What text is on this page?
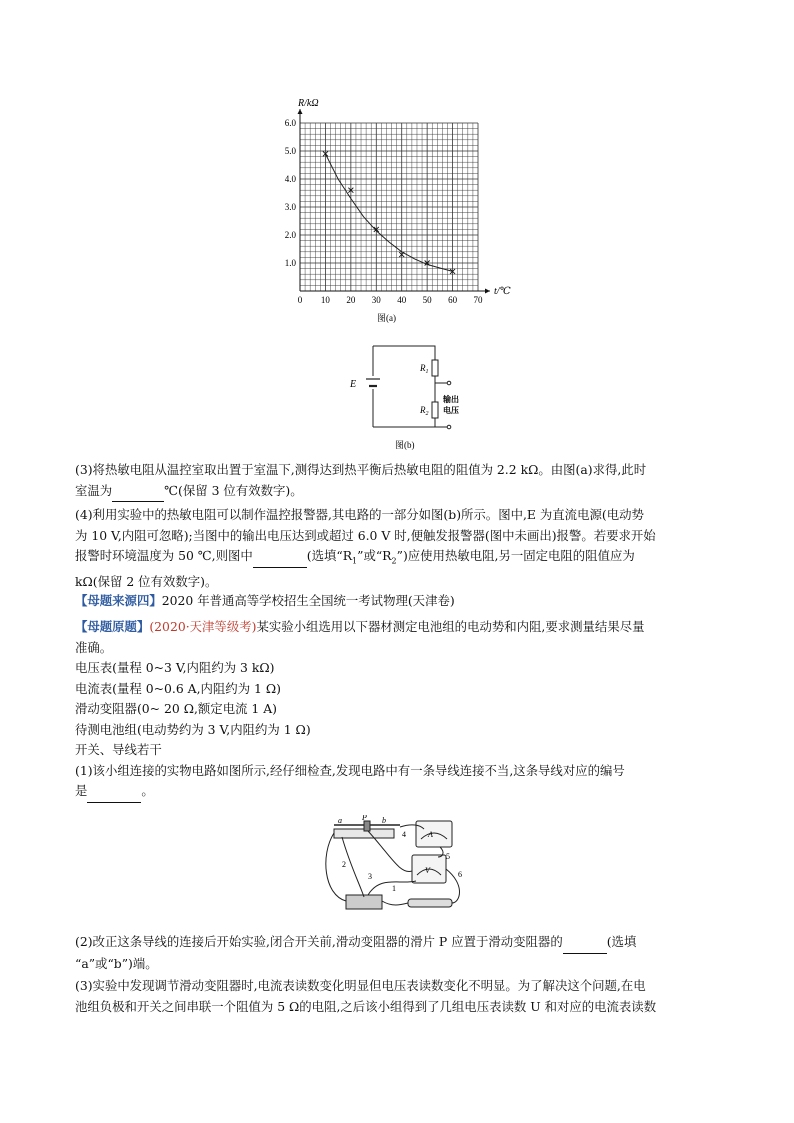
0 10 20 30 40 50 60 70
1.0
2.0
3.0
4.0
5.0
6.0
R/kΩ
t/℃
图(a)
E
$R_1$
$R_2$
输出
电压
图(b)
(3)将热敏电阻从温控室取出置于室温下,测得达到热平衡后热敏电阻的阻值为 2.2 kΩ。由图(a)求得,此时
室温为	℃(保留 3 位有效数字)。
(4)利用实验中的热敏电阻可以制作温控报警器,其电路的一部分如图(b)所示。图中,E 为直流电源(电动势
为 10 V,内阻可忽略);当图中的输出电压达到或超过 6.0 V 时,便触发报警器(图中未画出)报警。若要求开始
报警时环境温度为 50 ℃,则图中	(选填“$R_1$”或“$R_2$”)应使用热敏电阻,另一固定电阻的阻值应为
kΩ(保留 2 位有效数字)。
【母题来源四】2020 年普通高等学校招生全国统一考试物理(天津卷)
【母题原题】(2020·天津等级考)某实验小组选用以下器材测定电池组的电动势和内阻,要求测量结果尽量
准确。
电压表(量程 0~3 V,内阻约为 3 kΩ)
电流表(量程 0~0.6 A,内阻约为 1 Ω)
滑动变阻器(0~ 20 Ω,额定电流 1 A)
待测电池组(电动势约为 3 V,内阻约为 1 Ω)
开关、导线若干
(1)该小组连接的实物电路如图所示,经仔细检查,发现电路中有一条导线连接不当,这条导线对应的编号
是	。
a	P b
A
V
1
2
3
4
5
6
(2)改正这条导线的连接后开始实验,闭合开关前,滑动变阻器的滑片 P 应置于滑动变阻器的	(选填
“a”或“b”)端。
(3)实验中发现调节滑动变阻器时,电流表读数变化明显但电压表读数变化不明显。为了解决这个问题,在电
池组负极和开关之间串联一个阻值为 5 Ω的电阻,之后该小组得到了几组电压表读数 U 和对应的电流表读数
